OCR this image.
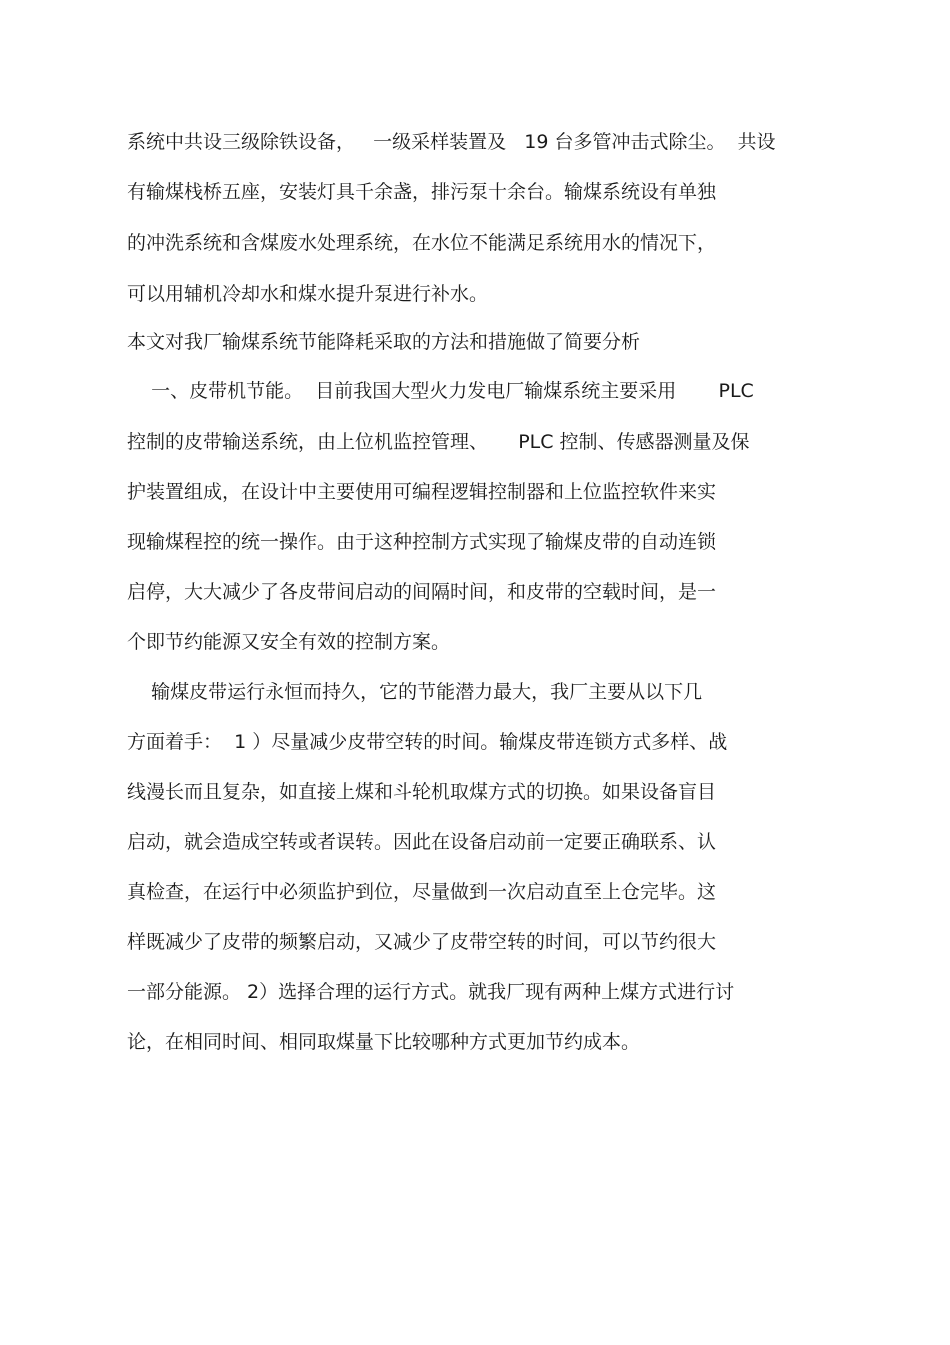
系统中共设三级除铁设备，   一级采样装置及   19 台多管冲击式除尘。  共设
有输煤栈桥五座，安装灯具千余盏，排污泵十余台。输煤系统设有单独
的冲洗系统和含煤废水处理系统，在水位不能满足系统用水的情况下，
可以用辅机冷却水和煤水提升泵进行补水。
本文对我厂输煤系统节能降耗采取的方法和措施做了简要分析
一、皮带机节能。  目前我国大型火力发电厂输煤系统主要采用       PLC
控制的皮带输送系统，由上位机监控管理、     PLC 控制、传感器测量及保
护装置组成，在设计中主要使用可编程逻辑控制器和上位监控软件来实
现输煤程控的统一操作。由于这种控制方式实现了输煤皮带的自动连锁
启停，大大减少了各皮带间启动的间隔时间，和皮带的空载时间，是一
个即节约能源又安全有效的控制方案。
输煤皮带运行永恒而持久，它的节能潜力最大，我厂主要从以下几
方面着手：  1 ）尽量减少皮带空转的时间。输煤皮带连锁方式多样、战
线漫长而且复杂，如直接上煤和斗轮机取煤方式的切换。如果设备盲目
启动，就会造成空转或者误转。因此在设备启动前一定要正确联系、认
真检查，在运行中必须监护到位，尽量做到一次启动直至上仓完毕。这
样既减少了皮带的频繁启动，又减少了皮带空转的时间，可以节约很大
一部分能源。 2）选择合理的运行方式。就我厂现有两种上煤方式进行讨
论，在相同时间、相同取煤量下比较哪种方式更加节约成本。
